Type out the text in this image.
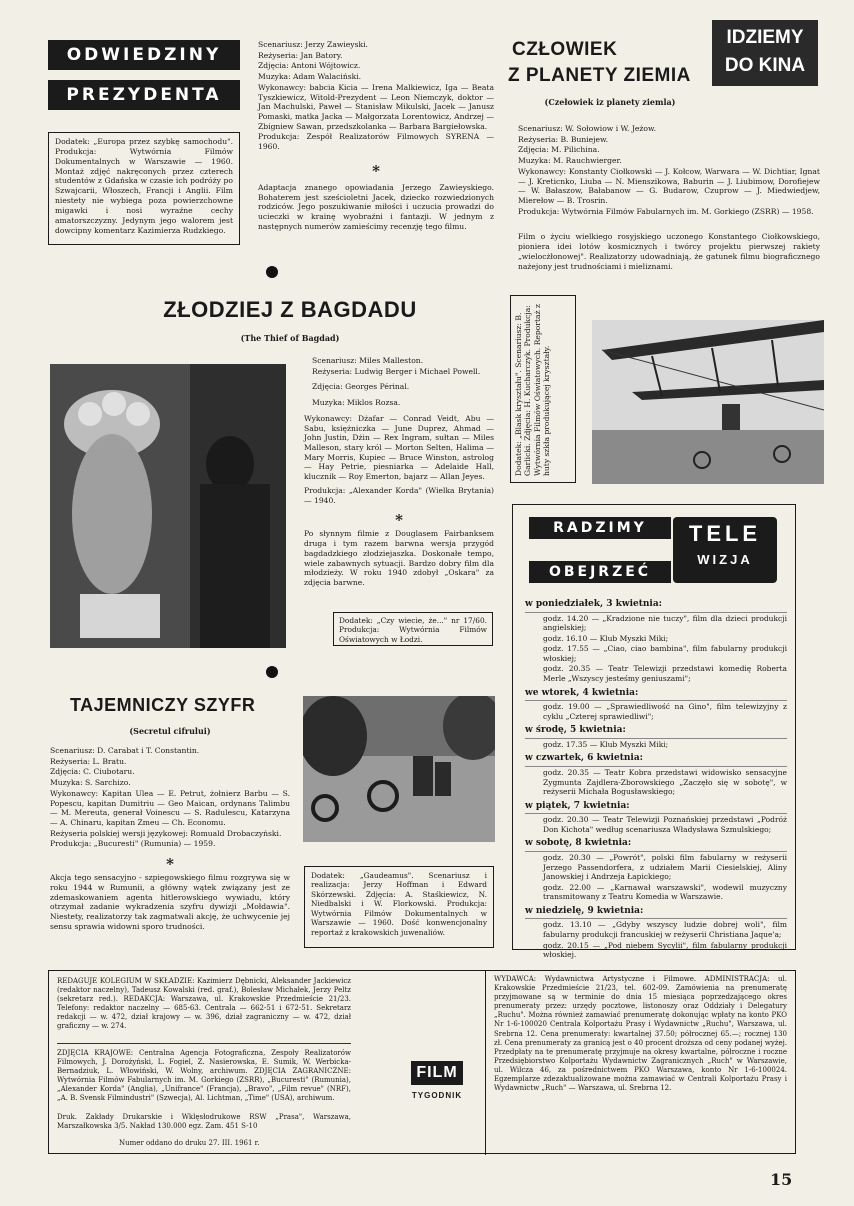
ODWIEDZINY
PREZYDENTA
Dodatek: „Europa przez szybkę samochodu". Produkcja: Wytwórnia Filmów Dokumentalnych w Warszawie — 1960. Montaż zdjęć nakręconych przez czterech studentów z Gdańska w czasie ich podróży po Szwajcarii, Włoszech, Francji i Anglii. Film niestety nie wybiega poza powierzchowne migawki i nosi wyraźne cechy amatorszczyzny. Jedynym jego walorem jest dowcipny komentarz Kazimierza Rudzkiego.
Scenariusz: Jerzy Zawieyski.
Reżyseria: Jan Batory.
Zdjęcia: Antoni Wójtowicz.
Muzyka: Adam Walaciński.
Wykonawcy: babcia Kicia — Irena Malkiewicz, Iga — Beata Tyszkiewicz, Witold-Prezydent — Leon Niemczyk, doktor — Jan Machulski, Paweł — Stanisław Mikulski, Jacek — Janusz Pomaski, matka Jacka — Małgorzata Lorentowicz, Andrzej — Zbigniew Sawan, przedszkolanka — Barbara Bargiełowska.
Produkcja: Zespół Realizatorów Filmowych SYRENA — 1960.
*
Adaptacja znanego opowiadania Jerzego Zawieyskiego. Bohaterem jest sześcioletni Jacek, dziecko rozwiedzionych rodziców. Jego poszukiwanie miłości i uczucia prowadzi do ucieczki w krainę wyobraźni i fantazji. W jednym z następnych numerów zamieścimy recenzję tego filmu.
CZŁOWIEK
Z PLANETY ZIEMIA
IDZIEMY
DO KINA
(Czełowiek iz planety ziemla)
Scenariusz: W. Sołowiow i W. Jeżow.
Reżyseria: B. Buniejew.
Zdjęcia: M. Pilichina.
Muzyka: M. Rauchwierger.
Wykonawcy: Konstanty Ciołkowski — J. Kołcow, Warwara — W. Dichtiar, Ignat — J. Kreticnko, Liuba — N. Mienszikowa, Baburin — J. Liubimow, Dorofiejew — W. Bałaszow, Bałabanow — G. Budarow, Czuprow — J. Miedwiedjew, Mierełow — B. Trosrin.
Produkcja: Wytwórnia Filmów Fabularnych im. M. Gorkiego (ZSRR) — 1958.
Film o życiu wielkiego rosyjskiego uczonego Konstantego Ciołkowskiego, pioniera idei lotów kosmicznych i twórcy projektu pierwszej rakiety „wielocżłonowej". Realizatorzy udowadniają, że gatunek filmu biograficznego nażejony jest trudnościami i mieliznami.
ZŁODZIEJ Z BAGDADU
(The Thief of Bagdad)
Scenariusz: Miles Malleston.
Reżyseria: Ludwig Berger i Michael Powell.
Zdjęcia: Georges Périnal.
Muzyka: Miklos Rozsa.
Wykonawcy: Dżafar — Conrad Veidt, Abu — Sabu, księżniczka — June Duprez, Ahmad — John Justin, Dżin — Rex Ingram, sułtan — Miles Malleson, stary król — Morton Selten, Halima — Mary Morris, Kupiec — Bruce Winston, astrolog — Hay Petrie, piesniarka — Adelaide Hall, klucznik — Roy Emerton, bajarz — Allan Jeyes.
Produkcja: „Alexander Korda" (Wielka Brytania) — 1940.
*
Po słynnym filmie z Douglasem Fairbanksem druga i tym razem barwna wersja przygód bagdadzkiego złodziejaszka. Doskonałe tempo, wiele zabawnych sytuacji. Bardzo dobry film dla młodzieży. W roku 1940 zdobył „Oskara" za zdjęcia barwne.
Dodatek: „Czy wiecie, że..." nr 17/60. Produkcja: Wytwórnia Filmów Oświatowych w Łodzi.
Dodatek: „Blask kryształu". Scenariusz: B. Garlicki. Zdjęcia: H. Kucharczyk. Produkcja: Wytwórnia Filmów Oświatowych. Reportaż z huty szkła produkującej kryształy.
RADZIMY
OBEJRZEĆ
TELE
WIZJA
w poniedziałek, 3 kwietnia:
godz. 14.20 — „Kradzione nie tuczy", film dla dzieci produkcji angielskiej;
godz. 16.10 — Klub Myszki Miki;
godz. 17.55 — „Ciao, ciao bambina", film fabularny produkcji włoskiej;
godz. 20.35 — Teatr Telewizji przedstawi komedię Roberta Merle „Wszyscy jesteśmy geniuszami";
we wtorek, 4 kwietnia:
godz. 19.00 — „Sprawiedliwość na Gino", film telewizyjny z cyklu „Czterej sprawiedliwi";
w środę, 5 kwietnia:
godz. 17.35 — Klub Myszki Miki;
w czwartek, 6 kwietnia:
godz. 20.35 — Teatr Kobra przedstawi widowisko sensacyjne Zygmunta Zajdlera-Zborowskiego „Zaczęło się w sobotę", w reżyserii Michała Bogusławskiego;
w piątek, 7 kwietnia:
godz. 20.30 — Teatr Telewizji Poznańskiej przedstawi „Podróż Don Kichota" według scenariusza Władysława Szmulskiego;
w sobotę, 8 kwietnia:
godz. 20.30 — „Powrót", polski film fabularny w reżyserii Jerzego Passendorfera, z udziałem Marii Ciesielskiej, Aliny Janowskiej i Andrzeja Łapickiego;
godz. 22.00 — „Karnawał warszawski", wodewil muzyczny transmitowany z Teatru Komedia w Warszawie.
w niedzielę, 9 kwietnia:
godz. 13.10 — „Gdyby wszyscy ludzie dobrej woli", film fabularny produkcji francuskiej w reżyserii Christiana Jaque'a;
godz. 20.15 — „Pod niebem Sycylii", film fabularny produkcji włoskiej.
TAJEMNICZY SZYFR
(Secretul cifrului)
Scenariusz: D. Carabat i T. Constantin.
Reżyseria: L. Bratu.
Zdjęcia: C. Ciubotaru.
Muzyka: S. Sarchizo.
Wykonawcy: Kapitan Ulea — E. Petrut, żołnierz Barbu — S. Popescu, kapitan Dumitriu — Geo Maican, ordynans Talimbu — M. Mereuta, generał Voinescu — S. Radulescu, Katarzyna — A. Chinaru, kapitan Zmeu — Ch. Economu.
Reżyseria polskiej wersji językowej: Romuald Drobaczyński.
Produkcja: „Bucuresti" (Rumunia) — 1959.
*
Akcja tego sensacyjno - szpiegowskiego filmu rozgrywa się w roku 1944 w Rumunii, a główny wątek związany jest ze zdemaskowaniem agenta hitlerowskiego wywiadu, który otrzymał zadanie wykradzenia szyfru dywizji „Mołdawia". Niestety, realizatorzy tak zagmatwali akcję, że uchwycenie jej sensu sprawia widowni sporo trudności.
Dodatek: „Gaudeamus". Scenariusz i realizacja: Jerzy Hoffman i Edward Skórzewski. Zdjęcia: A. Staśkiewicz, N. Niedbalski i W. Florkowski. Produkcja: Wytwórnia Filmów Dokumentalnych w Warszawie — 1960. Dość konwencjonalny reportaż z krakowskich juwenaliów.
REDAGUJE KOLEGIUM W SKŁADZIE: Kazimierz Dębnicki, Aleksander Jackiewicz (redaktor naczelny), Tadeusz Kowalski (red. graf.), Bolesław Michałek, Jerzy Peltz (sekretarz red.). REDAKCJA: Warszawa, ul. Krakowskie Przedmieście 21/23. Telefony: redaktor naczelny — 685-63. Centrala — 662-51 i 672-51. Sekretarz redakcji — w. 472, dział krajowy — w. 396, dział zagraniczny — w. 472, dział graficzny — w. 274.
ZDJĘCIA KRAJOWE: Centralna Agencja Fotograficzna, Zespoły Realizatorów Filmowych, J. Dorożyński, L. Fogiel, Z. Nasierowska, E. Sumik, W. Werbicka-Bernadziuk, L. Włowiński, W. Wolny, archiwum. ZDJĘCIA ZAGRANICZNE: Wytwórnia Filmów Fabularnych im. M. Gorkiego (ZSRR), „Bucuresti" (Rumunia), „Alexander Korda" (Anglia), „Unifrance" (Francja), „Bravo", „Film revue" (NRF), „A. B. Svensk Filmindustri" (Szwecja), Al. Lichtman, „Time" (USA), archiwum.
Druk. Zakłady Drukarskie i Wklęsłodrukowe RSW „Prasa", Warszawa, Marszałkowska 3/5. Nakład 130.000 egz. Zam. 451 S-10
Numer oddano do druku 27. III. 1961 r.
FILM
TYGODNIK
WYDAWCA: Wydawnictwa Artystyczne i Filmowe. ADMINISTRACJA: ul. Krakowskie Przedmieście 21/23, tel. 602-09. Zamówienia na prenumeratę przyjmowane są w terminie do dnia 15 miesiąca poprzedzającego okres prenumeraty przez: urzędy pocztowe, listonoszy oraz Oddziały i Delegatury „Ruchu". Można również zamawiać prenumeratę dokonując wpłaty na konto PKO Nr 1-6-100020 Centrala Kolportażu Prasy i Wydawnictw „Ruchu", Warszawa, ul. Srebrna 12. Cena prenumeraty: kwartalnej 37.50; półrocznej 65.—; rocznej 130 zł. Cena prenumeraty za granicą jest o 40 procent droższa od ceny podanej wyżej. Przedpłaty na te prenumeratę przyjmuje na okresy kwartalne, półroczne i roczne Przedsiębiorstwo Kolportażu Wydawnictw Zagranicznych „Ruch" w Warszawie, ul. Wilcza 46, za pośrednictwem PKO Warszawa, konto Nr 1-6-100024. Egzemplarze zdezaktualizowane można zamawiać w Centrali Kolportażu Prasy i Wydawnictw „Ruch" — Warszawa, ul. Srebrna 12.
15
